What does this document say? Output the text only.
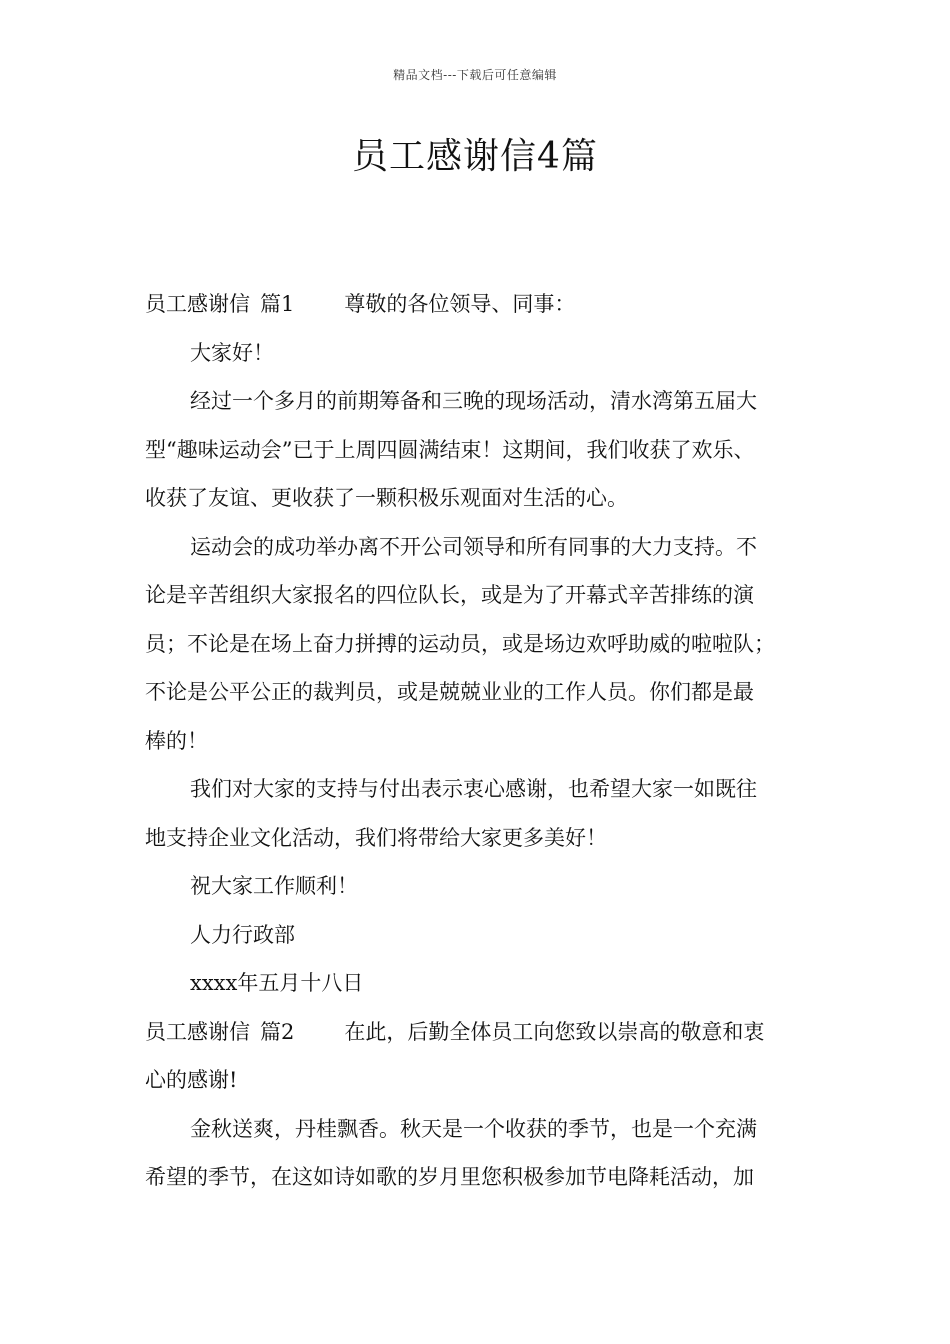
精品文档---下载后可任意编辑
员工感谢信4篇
员工感谢信 篇1 尊敬的各位领导、同事：
大家好！
经过一个多月的前期筹备和三晚的现场活动，清水湾第五届大
型“趣味运动会”已于上周四圆满结束！这期间，我们收获了欢乐、
收获了友谊、更收获了一颗积极乐观面对生活的心。
运动会的成功举办离不开公司领导和所有同事的大力支持。不
论是辛苦组织大家报名的四位队长，或是为了开幕式辛苦排练的演
员；不论是在场上奋力拼搏的运动员，或是场边欢呼助威的啦啦队；
不论是公平公正的裁判员，或是兢兢业业的工作人员。你们都是最
棒的！
我们对大家的支持与付出表示衷心感谢，也希望大家一如既往
地支持企业文化活动，我们将带给大家更多美好！
祝大家工作顺利！
人力行政部
xxxx年五月十八日
员工感谢信 篇2 在此，后勤全体员工向您致以崇高的敬意和衷
心的感谢!
金秋送爽，丹桂飘香。秋天是一个收获的季节，也是一个充满
希望的季节，在这如诗如歌的岁月里您积极参加节电降耗活动，加
